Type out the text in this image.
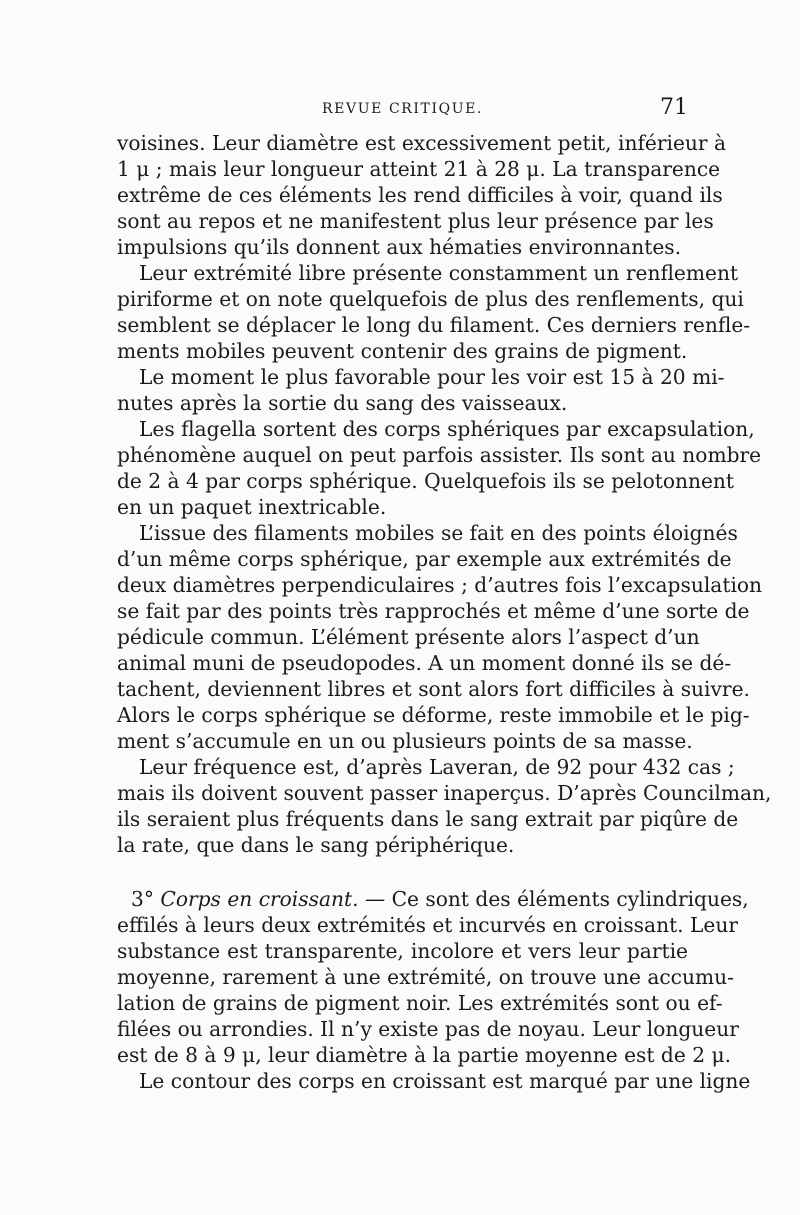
REVUE CRITIQUE.	71
voisines. Leur diamètre est excessivement petit, inférieur à
1 μ ; mais leur longueur atteint 21 à 28 μ. La transparence
extrême de ces éléments les rend difficiles à voir, quand ils
sont au repos et ne manifestent plus leur présence par les
impulsions qu’ils donnent aux hématies environnantes.
Leur extrémité libre présente constamment un renflement
piriforme et on note quelquefois de plus des renflements, qui
semblent se déplacer le long du filament. Ces derniers renfle-
ments mobiles peuvent contenir des grains de pigment.
Le moment le plus favorable pour les voir est 15 à 20 mi-
nutes après la sortie du sang des vaisseaux.
Les flagella sortent des corps sphériques par excapsulation,
phénomène auquel on peut parfois assister. Ils sont au nombre
de 2 à 4 par corps sphérique. Quelquefois ils se pelotonnent
en un paquet inextricable.
L’issue des filaments mobiles se fait en des points éloignés
d’un même corps sphérique, par exemple aux extrémités de
deux diamètres perpendiculaires ; d’autres fois l’excapsulation
se fait par des points très rapprochés et même d’une sorte de
pédicule commun. L’élément présente alors l’aspect d’un
animal muni de pseudopodes. A un moment donné ils se dé-
tachent, deviennent libres et sont alors fort difficiles à suivre.
Alors le corps sphérique se déforme, reste immobile et le pig-
ment s’accumule en un ou plusieurs points de sa masse.
Leur fréquence est, d’après Laveran, de 92 pour 432 cas ;
mais ils doivent souvent passer inaperçus. D’après Councilman,
ils seraient plus fréquents dans le sang extrait par piqûre de
la rate, que dans le sang périphérique.
3° Corps en croissant. — Ce sont des éléments cylindriques,
effilés à leurs deux extrémités et incurvés en croissant. Leur
substance est transparente, incolore et vers leur partie
moyenne, rarement à une extrémité, on trouve une accumu-
lation de grains de pigment noir. Les extrémités sont ou ef-
filées ou arrondies. Il n’y existe pas de noyau. Leur longueur
est de 8 à 9 μ, leur diamètre à la partie moyenne est de 2 μ.
Le contour des corps en croissant est marqué par une ligne
